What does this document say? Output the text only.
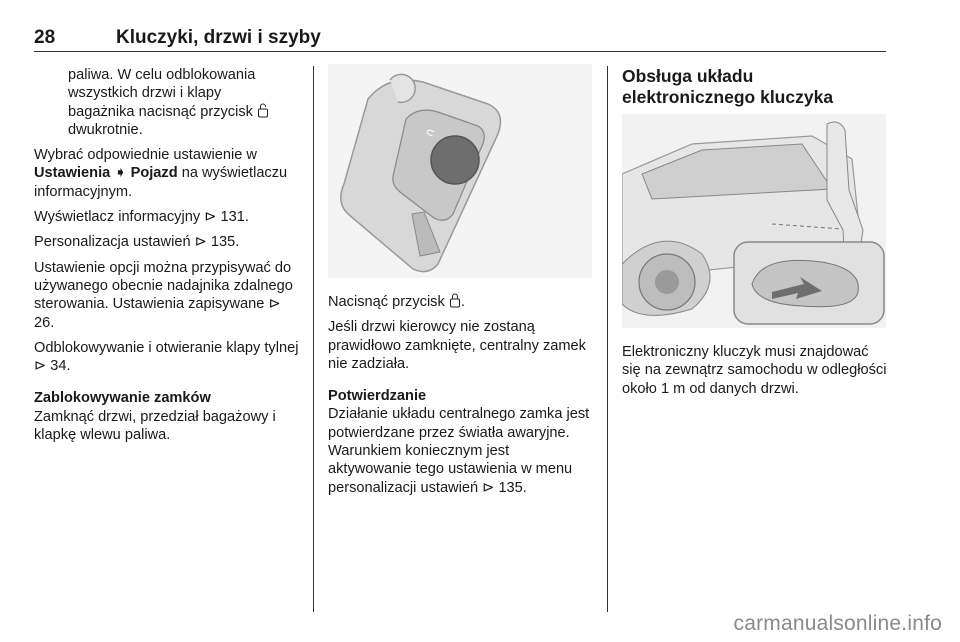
28	Kluczyki, drzwi i szyby
paliwa. W celu odblokowania
wszystkich drzwi i klapy
bagażnika nacisnąć przycisk
dwukrotnie.

Wybrać odpowiednie ustawienie w
Ustawienia ➧ Pojazd na wyświetlaczu informacyjnym.

Wyświetlacz informacyjny ⊳ 131.

Personalizacja ustawień ⊳ 135.

Ustawienie opcji można przypisywać do używanego obecnie nadajnika zdalnego sterowania. Ustawienia zapisywane ⊳ 26.

Odblokowywanie i otwieranie klapy tylnej ⊳ 34.

Zablokowywanie zamków

Zamknąć drzwi, przedział bagażowy i klapkę wlewu paliwa.

∩

Nacisnąć przycisk .

Jeśli drzwi kierowcy nie zostaną prawidłowo zamknięte, centralny zamek nie zadziała.

Potwierdzanie

Działanie układu centralnego zamka jest potwierdzane przez światła awaryjne. Warunkiem koniecznym jest aktywowanie tego ustawienia w menu personalizacji ustawień ⊳ 135.

Obsługa układu elektronicznego kluczyka

Elektroniczny kluczyk musi znajdować się na zewnątrz samochodu w odległości około 1 m od danych drzwi.

carmanualsonline.info
